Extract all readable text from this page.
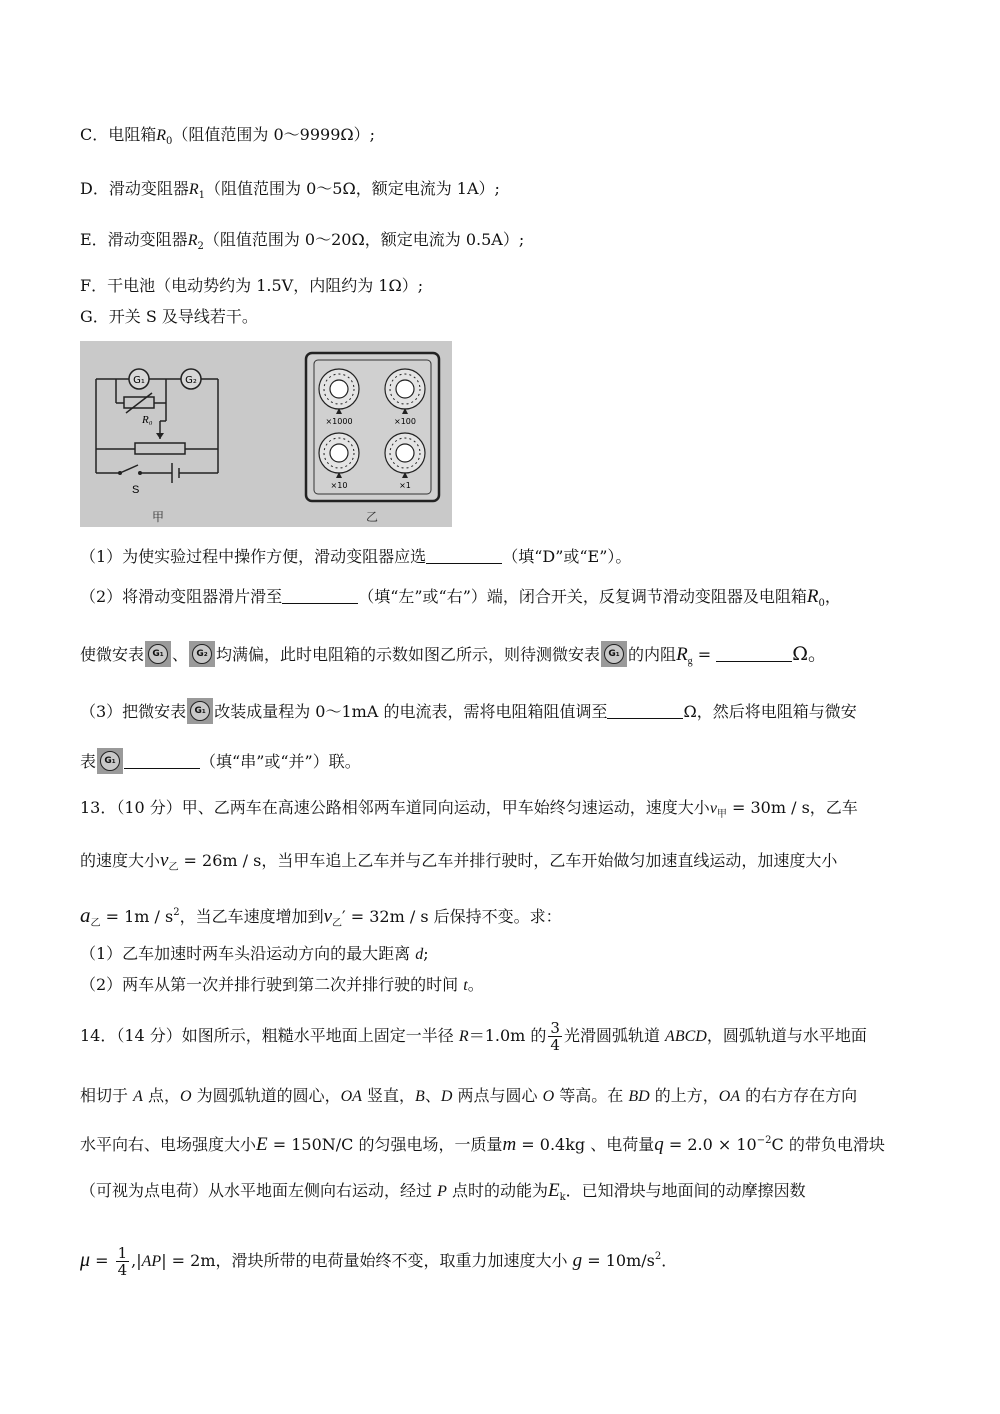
C．电阻箱$R_0$（阻值范围为 0～9999Ω）;
D．滑动变阻器$R_1$（阻值范围为 0～5Ω，额定电流为 1A）;
E．滑动变阻器$R_2$（阻值范围为 0～20Ω，额定电流为 0.5A）;
F．干电池（电动势约为 1.5V，内阻约为 1Ω）;
G．开关 S 及导线若干。
G₁	G₂
R₀
S
甲
×1000	×100
×10	×1
乙
（1）为使实验过程中操作方便，滑动变阻器应选	（填“D”或“E”）。
（2）将滑动变阻器滑片滑至	（填“左”或“右”）端，闭合开关，反复调节滑动变阻器及电阻箱$R_0$，
使微安表 G₁ 、 G₂ 均满偏，此时电阻箱的示数如图乙所示，则待测微安表 G₁ 的内阻$R_g$ =	Ω。
（3）把微安表 G₁ 改装成量程为 0～1mA 的电流表，需将电阻箱阻值调至	Ω，然后将电阻箱与微安
表 G₁	（填“串”或“并”）联。
13．（10 分）甲、乙两车在高速公路相邻两车道同向运动，甲车始终匀速运动，速度大小$v_甲 = 30m / s$，乙车
的速度大小$v_乙 = 26m / s$，当甲车追上乙车并与乙车并排行驶时，乙车开始做匀加速直线运动，加速度大小
$a_乙 = 1m / s^2$，当乙车速度增加到$v_乙' = 32m / s$ 后保持不变。求：
（1）乙车加速时两车头沿运动方向的最大距离 d;
（2）两车从第一次并排行驶到第二次并排行驶的时间 t。
14．（14 分）如图所示，粗糙水平地面上固定一半径 R＝1.0m 的 $\frac{3}{4}$ 光滑圆弧轨道 ABCD，圆弧轨道与水平地面
相切于 A 点，O 为圆弧轨道的圆心，OA 竖直，B、D 两点与圆心 O 等高。在 BD 的上方，OA 的右方存在方向
水平向右、电场强度大小E = 150N/C 的匀强电场，一质量m = 0.4kg 、电荷量$q = 2.0 \times 10^{-2}C$ 的带负电滑块
（可视为点电荷）从水平地面左侧向右运动，经过 P 点时的动能为$E_k$．已知滑块与地面间的动摩擦因数
$\mu = \frac{1}{4} ,|AP| = 2m$，滑块所带的电荷量始终不变，取重力加速度大小 $g = 10m/s^2$．
